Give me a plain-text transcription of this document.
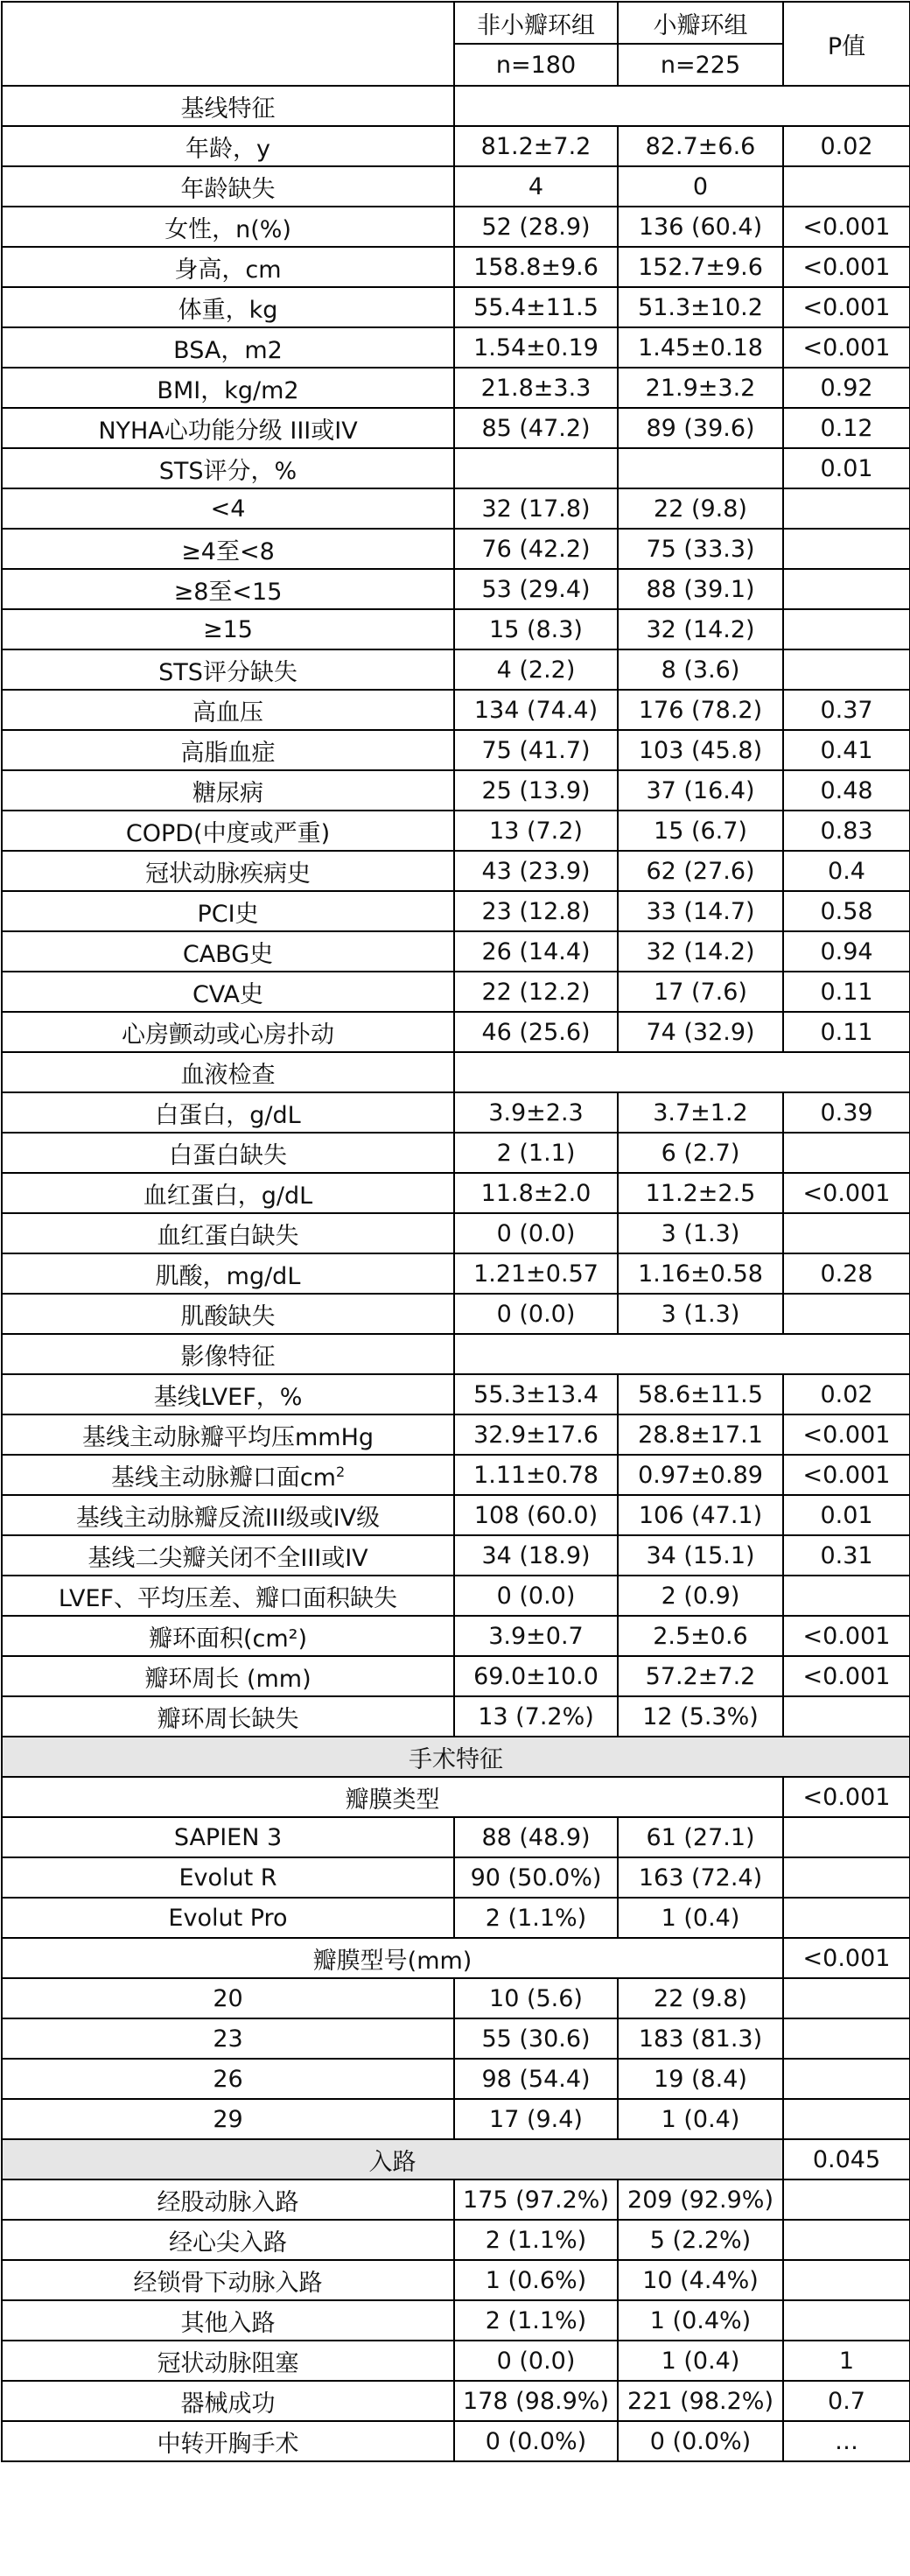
	非小瓣环组	小瓣环组	P值
	n=180	n=225	
基线特征			
年龄，y	81.2±7.2	82.7±6.6	0.02
年龄缺失	4	0	
女性，n(%)	52 (28.9)	136 (60.4)	<0.001
身高，cm	158.8±9.6	152.7±9.6	<0.001
体重，kg	55.4±11.5	51.3±10.2	<0.001
BSA，m2	1.54±0.19	1.45±0.18	<0.001
BMI，kg/m2	21.8±3.3	21.9±3.2	0.92
NYHA心功能分级 III或IV	85 (47.2)	89 (39.6)	0.12
STS评分，%			0.01
<4	32 (17.8)	22 (9.8)	
≥4至<8	76 (42.2)	75 (33.3)	
≥8至<15	53 (29.4)	88 (39.1)	
≥15	15 (8.3)	32 (14.2)	
STS评分缺失	4 (2.2)	8 (3.6)	
高血压	134 (74.4)	176 (78.2)	0.37
高脂血症	75 (41.7)	103 (45.8)	0.41
糖尿病	25 (13.9)	37 (16.4)	0.48
COPD(中度或严重)	13 (7.2)	15 (6.7)	0.83
冠状动脉疾病史	43 (23.9)	62 (27.6)	0.4
PCI史	23 (12.8)	33 (14.7)	0.58
CABG史	26 (14.4)	32 (14.2)	0.94
CVA史	22 (12.2)	17 (7.6)	0.11
心房颤动或心房扑动	46 (25.6)	74 (32.9)	0.11
血液检查			
白蛋白，g/dL	3.9±2.3	3.7±1.2	0.39
白蛋白缺失	2 (1.1)	6 (2.7)	
血红蛋白，g/dL	11.8±2.0	11.2±2.5	<0.001
血红蛋白缺失	0 (0.0)	3 (1.3)	
肌酸，mg/dL	1.21±0.57	1.16±0.58	0.28
肌酸缺失	0 (0.0)	3 (1.3)	
影像特征			
基线LVEF，%	55.3±13.4	58.6±11.5	0.02
基线主动脉瓣平均压mmHg	32.9±17.6	28.8±17.1	<0.001
基线主动脉瓣口面$cm^2$	1.11±0.78	0.97±0.89	<0.001
基线主动脉瓣反流III级或IV级	108 (60.0)	106 (47.1)	0.01
基线二尖瓣关闭不全III或IV	34 (18.9)	34 (15.1)	0.31
LVEF、平均压差、瓣口面积缺失	0 (0.0)	2 (0.9)	
瓣环面积(cm²)	3.9±0.7	2.5±0.6	<0.001
瓣环周长 (mm)	69.0±10.0	57.2±7.2	<0.001
瓣环周长缺失	13 (7.2%)	12 (5.3%)	
手术特征			
瓣膜类型			<0.001
SAPIEN 3	88 (48.9)	61 (27.1)	
Evolut R	90 (50.0%)	163 (72.4)	
Evolut Pro	2 (1.1%)	1 (0.4)	
瓣膜型号(mm)			<0.001
20	10 (5.6)	22 (9.8)	
23	55 (30.6)	183 (81.3)	
26	98 (54.4)	19 (8.4)	
29	17 (9.4)	1 (0.4)	
入路			0.045
经股动脉入路	175 (97.2%)	209 (92.9%)	
经心尖入路	2 (1.1%)	5 (2.2%)	
经锁骨下动脉入路	1 (0.6%)	10 (4.4%)	
其他入路	2 (1.1%)	1 (0.4%)	
冠状动脉阻塞	0 (0.0)	1 (0.4)	1
器械成功	178 (98.9%)	221 (98.2%)	0.7
中转开胸手术	0 (0.0%)	0 (0.0%)	…
